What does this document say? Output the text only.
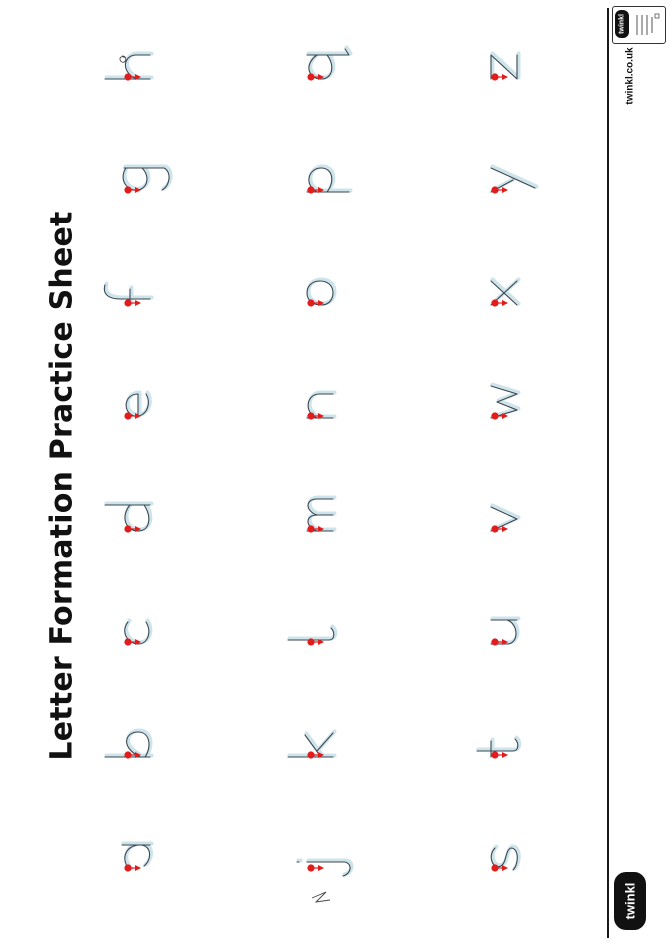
Letter Formation Practice Sheet
twinkl
twinkl.co.uk
twinkl
